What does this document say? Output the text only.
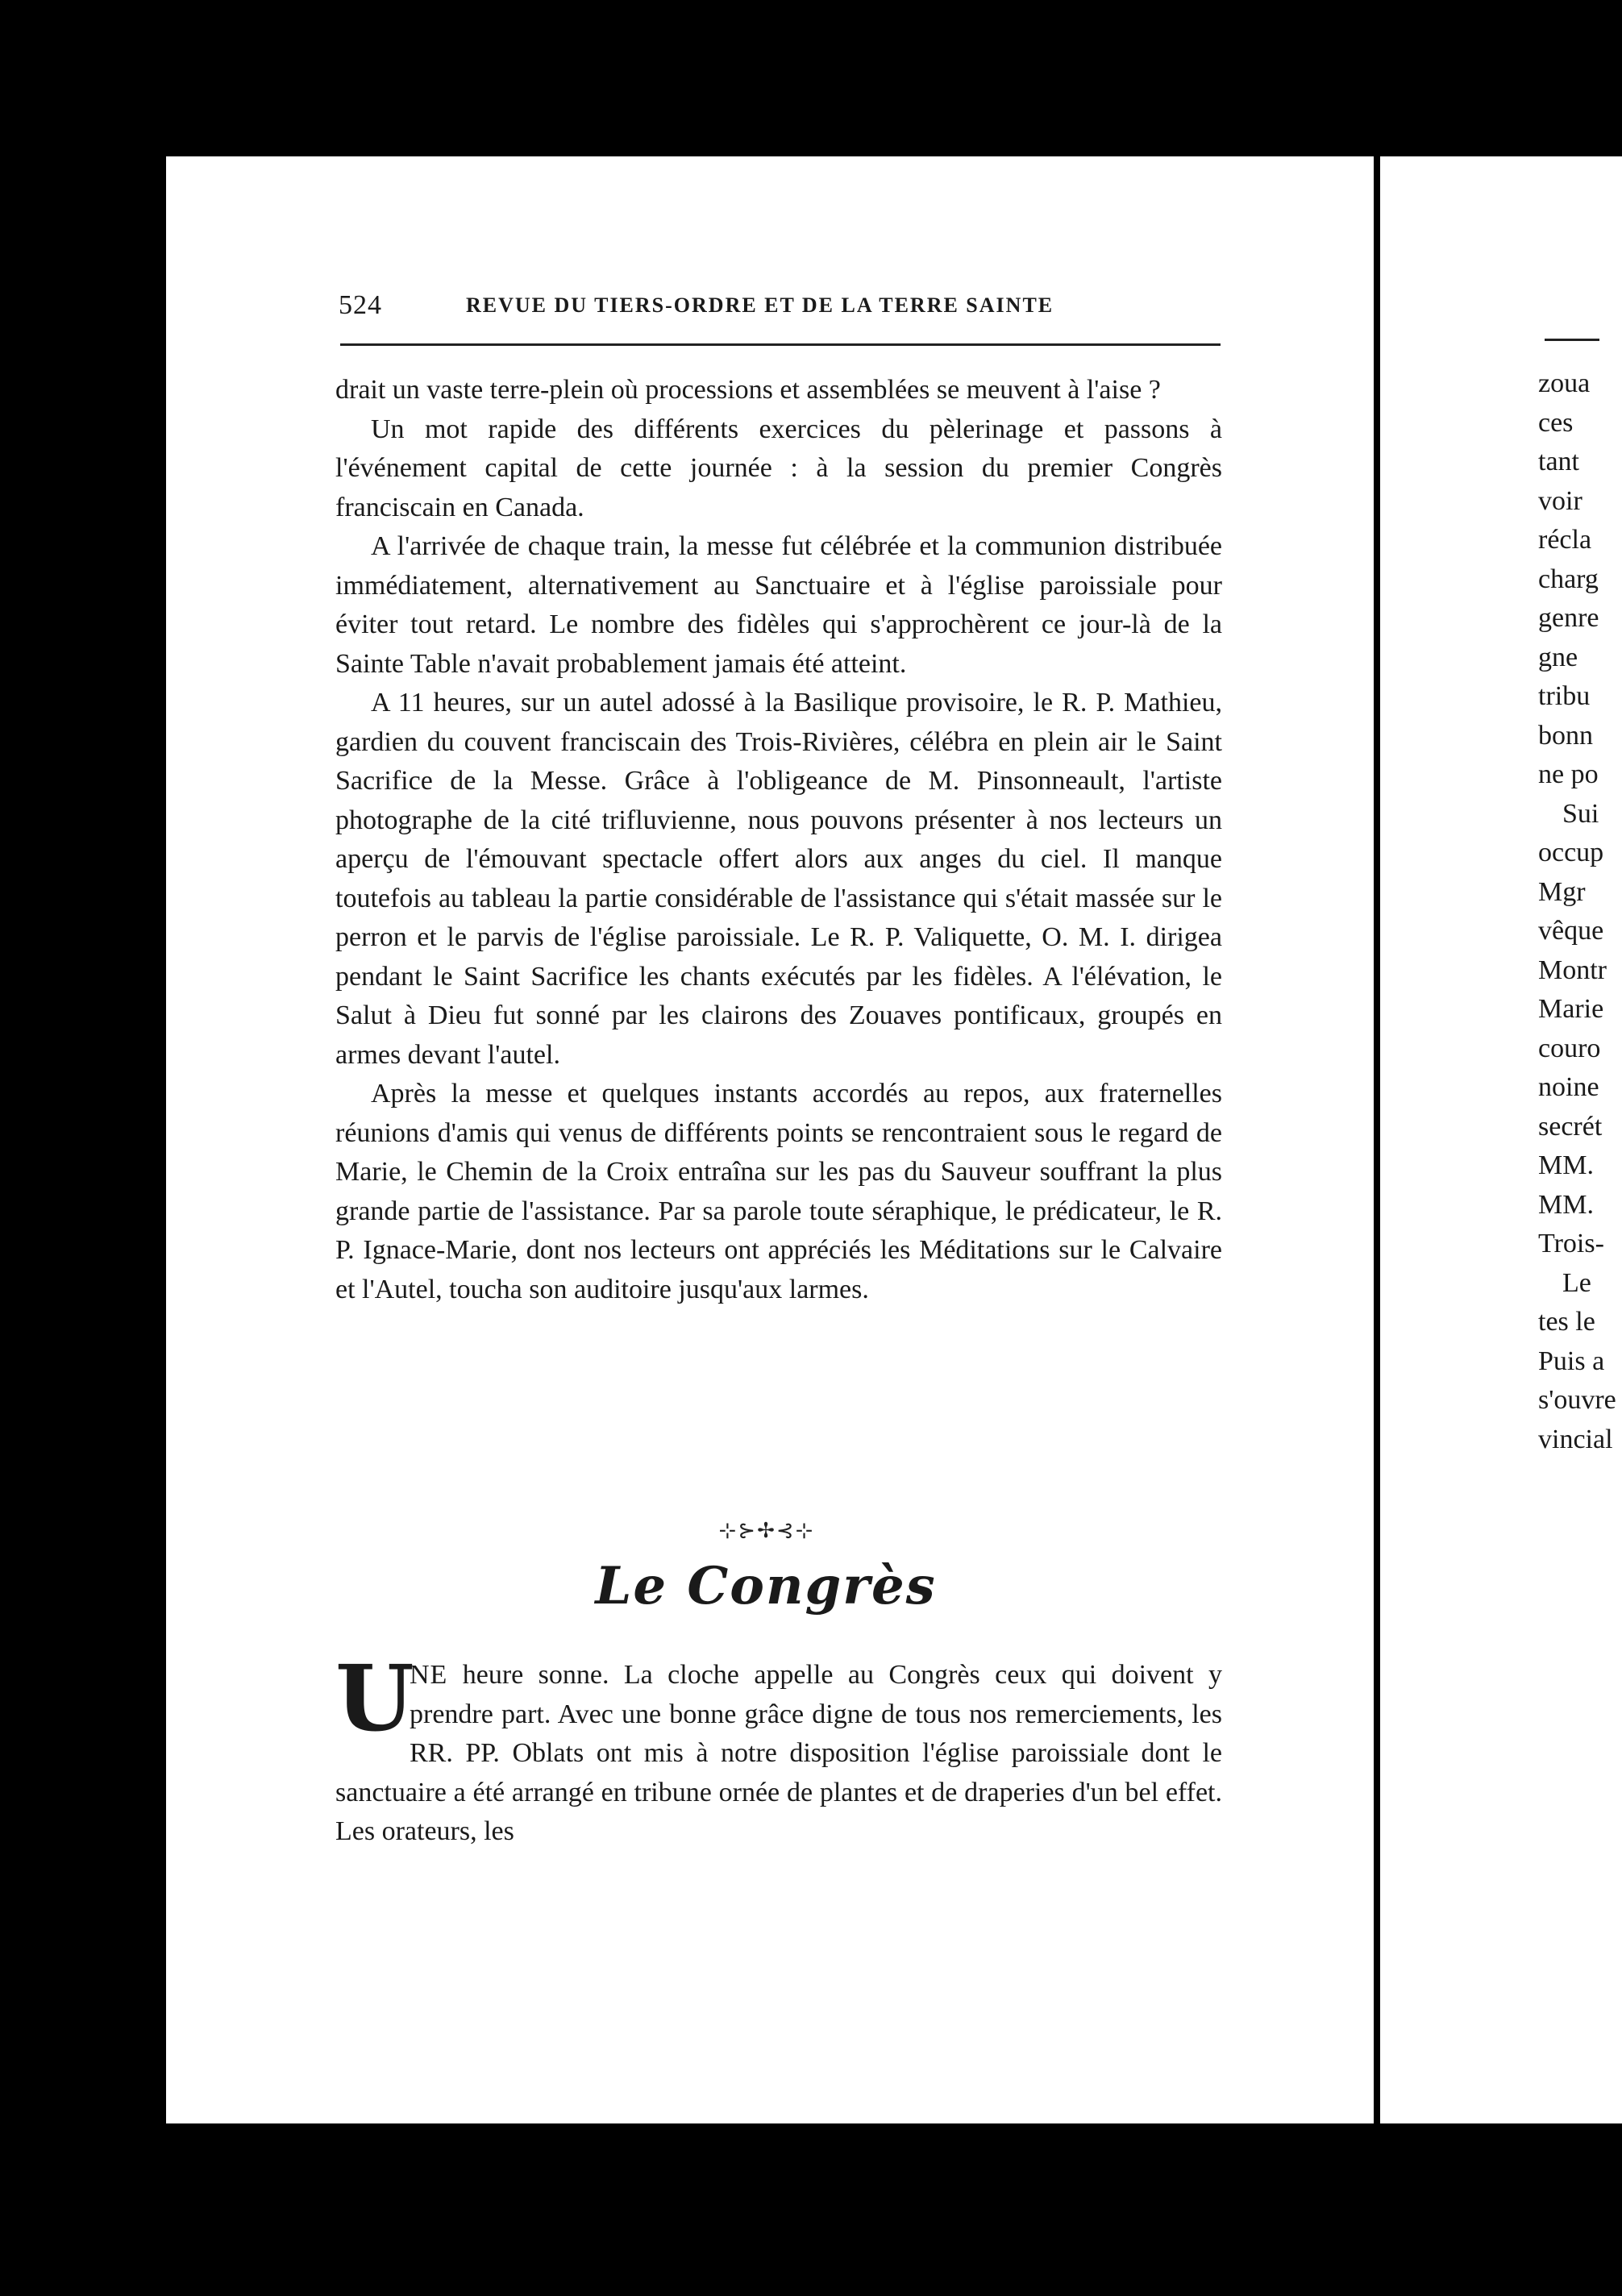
524	REVUE DU TIERS-ORDRE ET DE LA TERRE SAINTE

drait un vaste terre-plein où processions et assemblées se meuvent à l'aise ?

Un mot rapide des différents exercices du pèlerinage et passons à l'événement capital de cette journée : à la session du premier Congrès franciscain en Canada.

A l'arrivée de chaque train, la messe fut célébrée et la communion distribuée immédiatement, alternativement au Sanctuaire et à l'église paroissiale pour éviter tout retard. Le nombre des fidèles qui s'approchèrent ce jour-là de la Sainte Table n'avait probablement jamais été atteint.

A 11 heures, sur un autel adossé à la Basilique provisoire, le R. P. Mathieu, gardien du couvent franciscain des Trois-Rivières, célébra en plein air le Saint Sacrifice de la Messe. Grâce à l'obligeance de M. Pinsonneault, l'artiste photographe de la cité trifluvienne, nous pouvons présenter à nos lecteurs un aperçu de l'émouvant spectacle offert alors aux anges du ciel. Il manque toutefois au tableau la partie considérable de l'assistance qui s'était massée sur le perron et le parvis de l'église paroissiale. Le R. P. Valiquette, O. M. I. dirigea pendant le Saint Sacrifice les chants exécutés par les fidèles. A l'élévation, le Salut à Dieu fut sonné par les clairons des Zouaves pontificaux, groupés en armes devant l'autel.

Après la messe et quelques instants accordés au repos, aux fraternelles réunions d'amis qui venus de différents points se rencontraient sous le regard de Marie, le Chemin de la Croix entraîna sur les pas du Sauveur souffrant la plus grande partie de l'assistance. Par sa parole toute séraphique, le prédicateur, le R. P. Ignace-Marie, dont nos lecteurs ont appréciés les Méditations sur le Calvaire et l'Autel, toucha son auditoire jusqu'aux larmes.

⊹⊱✢⊰⊹
Le Congrès
U
NE heure sonne. La cloche appelle au Congrès ceux qui doivent y prendre part. Avec une bonne grâce digne de tous nos remerciements, les RR. PP. Oblats ont mis à notre disposition l'église paroissiale dont le sanctuaire a été arrangé en tribune ornée de plantes et de draperies d'un bel effet. Les orateurs, les
zoua
ces
tant
voir
récla
charg
genre
gne
tribu
bonn
ne po
Sui
occup
Mgr
vêque
Montr
Marie
couro
noine
secrét
MM.
MM.
Trois-
Le
tes le
Puis a
s'ouvre
vincial
